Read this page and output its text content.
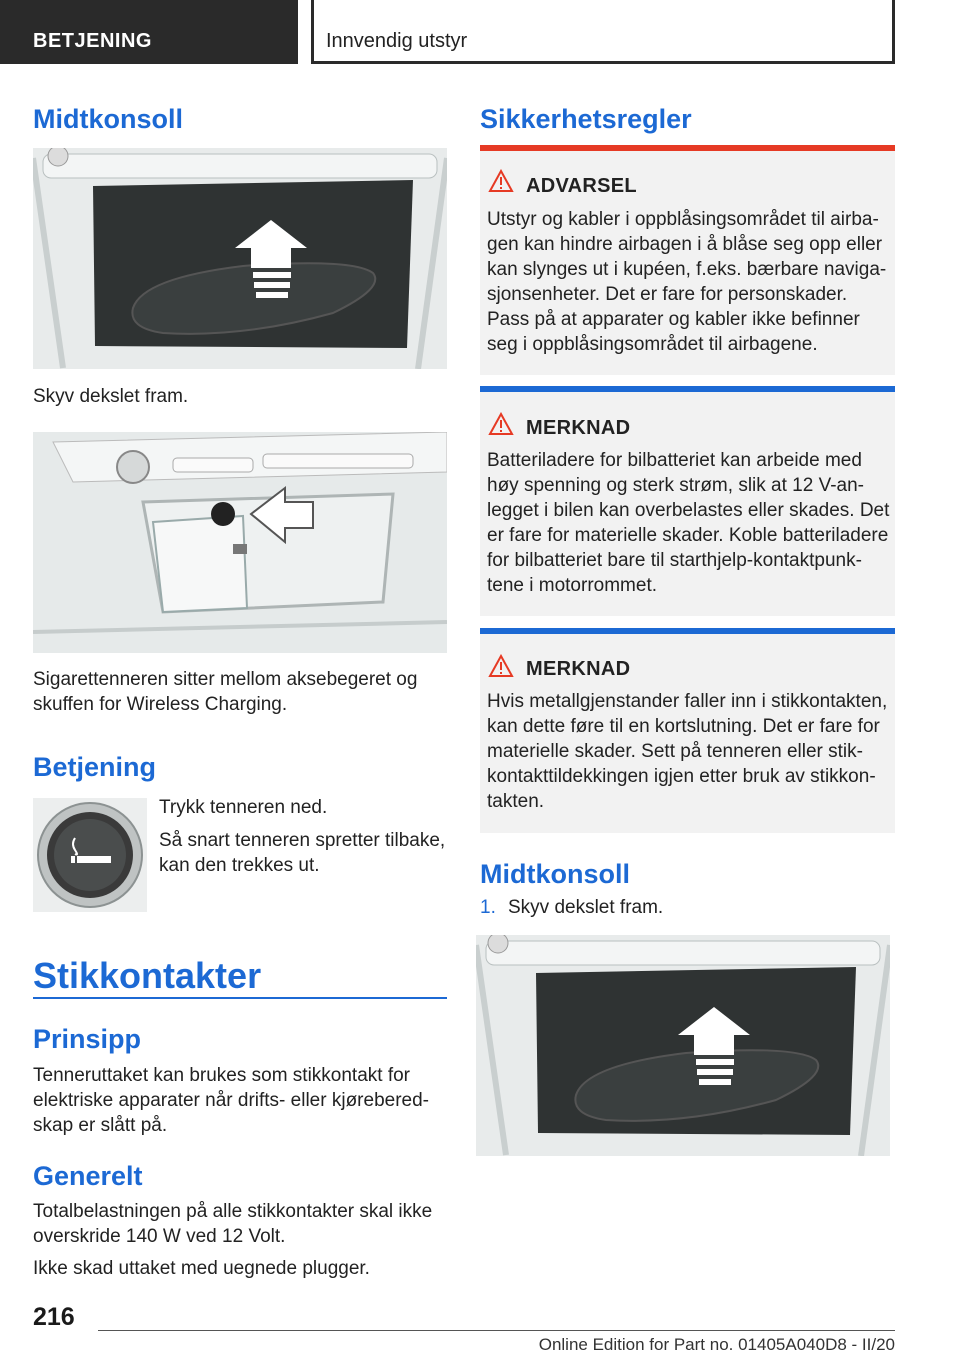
BETJENING	Innvendig utstyr
Midtkonsoll

Skyv dekslet fram.

Sigarettenneren sitter mellom aksebegeret og skuffen for Wireless Charging.

Betjening

Trykk tenneren ned.

Så snart tenneren spretter tilbake, kan den trekkes ut.

Stikkontakter
Prinsipp

Tenneruttaket kan brukes som stikkontakt for elektriske apparater når drifts- eller kjøreberedskap er slått på.

Generelt

Totalbelastningen på alle stikkontakter skal ikke overskride 140 W ved 12 Volt.

Ikke skad uttaket med uegnede plugger.

Sikkerhetsregler
ADVARSEL
Utstyr og kabler i oppblåsingsområdet til airbagen kan hindre airbagen i å blåse seg opp eller kan slynges ut i kupéen, f.eks. bærbare navigasjonsenheter. Det er fare for personskader. Pass på at apparater og kabler ikke befinner seg i oppblåsingsområdet til airbagene.
MERKNAD
Batteriladere for bilbatteriet kan arbeide med høy spenning og sterk strøm, slik at 12 V-anlegget i bilen kan overbelastes eller skades. Det er fare for materielle skader. Koble batteriladere for bilbatteriet bare til starthjelp-kontaktpunktene i motorrommet.
MERKNAD
Hvis metallgjenstander faller inn i stikkontakten, kan dette føre til en kortslutning. Det er fare for materielle skader. Sett på tenneren eller stikkontakttildekkingen igjen etter bruk av stikkontakten.
Midtkonsoll
1. Skyv dekslet fram.
216
Online Edition for Part no. 01405A040D8 - II/20
